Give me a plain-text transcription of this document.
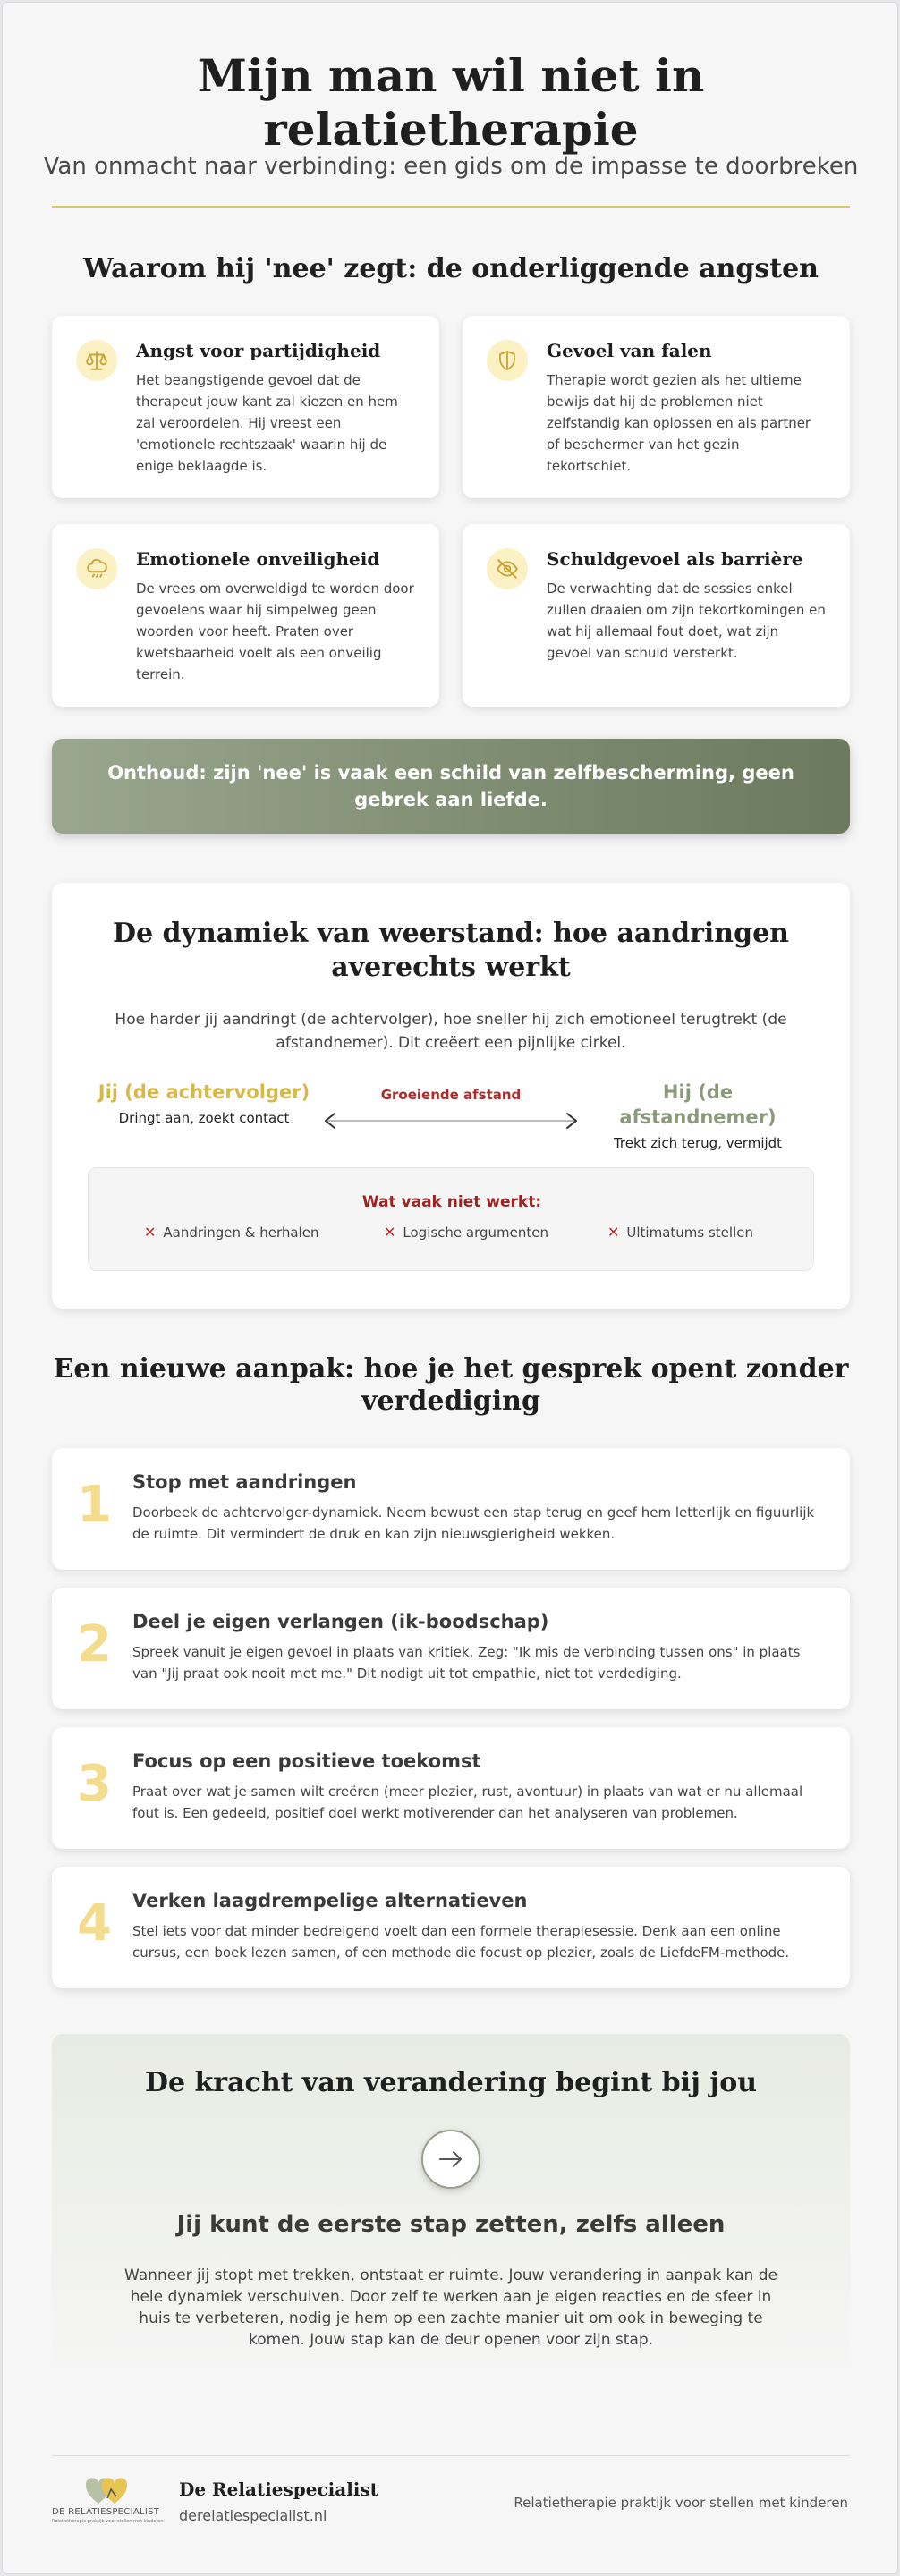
Mijn man wil niet in relatietherapie
Van onmacht naar verbinding: een gids om de impasse te doorbreken
Waarom hij 'nee' zegt: de onderliggende angsten
Angst voor partijdigheid
Het beangstigende gevoel dat de therapeut jouw kant zal kiezen en hem zal veroordelen. Hij vreest een 'emotionele rechtszaak' waarin hij de enige beklaagde is.
Gevoel van falen
Therapie wordt gezien als het ultieme bewijs dat hij de problemen niet zelfstandig kan oplossen en als partner of beschermer van het gezin tekortschiet.
Emotionele onveiligheid
De vrees om overweldigd te worden door gevoelens waar hij simpelweg geen woorden voor heeft. Praten over kwetsbaarheid voelt als een onveilig terrein.
Schuldgevoel als barrière
De verwachting dat de sessies enkel zullen draaien om zijn tekortkomingen en wat hij allemaal fout doet, wat zijn gevoel van schuld versterkt.
Onthoud: zijn 'nee' is vaak een schild van zelfbescherming, geen gebrek aan liefde.
De dynamiek van weerstand: hoe aandringen averechts werkt
Hoe harder jij aandringt (de achtervolger), hoe sneller hij zich emotioneel terugtrekt (de afstandnemer). Dit creëert een pijnlijke cirkel.
Jij (de achtervolger)
Dringt aan, zoekt contact
Groeiende afstand	Hij (de afstandnemer)
Trekt zich terug, vermijdt
Wat vaak niet werkt:
✕ Aandringen & herhalen	✕ Logische argumenten	✕ Ultimatums stellen
Een nieuwe aanpak: hoe je het gesprek opent zonder verdediging
1 Stop met aandringen
Doorbeek de achtervolger-dynamiek. Neem bewust een stap terug en geef hem letterlijk en figuurlijk de ruimte. Dit vermindert de druk en kan zijn nieuwsgierigheid wekken.
2 Deel je eigen verlangen (ik-boodschap)
Spreek vanuit je eigen gevoel in plaats van kritiek. Zeg: "Ik mis de verbinding tussen ons" in plaats van "Jij praat ook nooit met me." Dit nodigt uit tot empathie, niet tot verdediging.
3 Focus op een positieve toekomst
Praat over wat je samen wilt creëren (meer plezier, rust, avontuur) in plaats van wat er nu allemaal fout is. Een gedeeld, positief doel werkt motiverender dan het analyseren van problemen.
4 Verken laagdrempelige alternatieven
Stel iets voor dat minder bedreigend voelt dan een formele therapiesessie. Denk aan een online cursus, een boek lezen samen, of een methode die focust op plezier, zoals de LiefdeFM-methode.
De kracht van verandering begint bij jou
Jij kunt de eerste stap zetten, zelfs alleen
Wanneer jij stopt met trekken, ontstaat er ruimte. Jouw verandering in aanpak kan de hele dynamiek verschuiven. Door zelf te werken aan je eigen reacties en de sfeer in huis te verbeteren, nodig je hem op een zachte manier uit om ook in beweging te komen. Jouw stap kan de deur openen voor zijn stap.
DE RELATIESPECIALIST
Relatietherapie praktijk voor stellen met kinderen
De Relatiespecialist
derelatiespecialist.nl
Relatietherapie praktijk voor stellen met kinderen
